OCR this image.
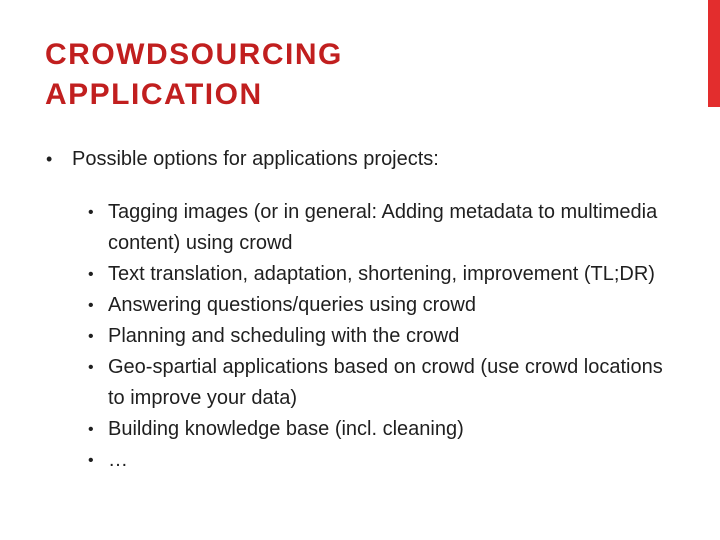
CROWDSOURCING
APPLICATION
• Possible options for applications projects:
• Tagging images (or in general: Adding metadata to multimedia content) using crowd
• Text translation, adaptation, shortening, improvement (TL;DR)
• Answering questions/queries using crowd
• Planning and scheduling with the crowd
• Geo-spartial applications based on crowd (use crowd locations to improve your data)
• Building knowledge base (incl. cleaning)
• …
